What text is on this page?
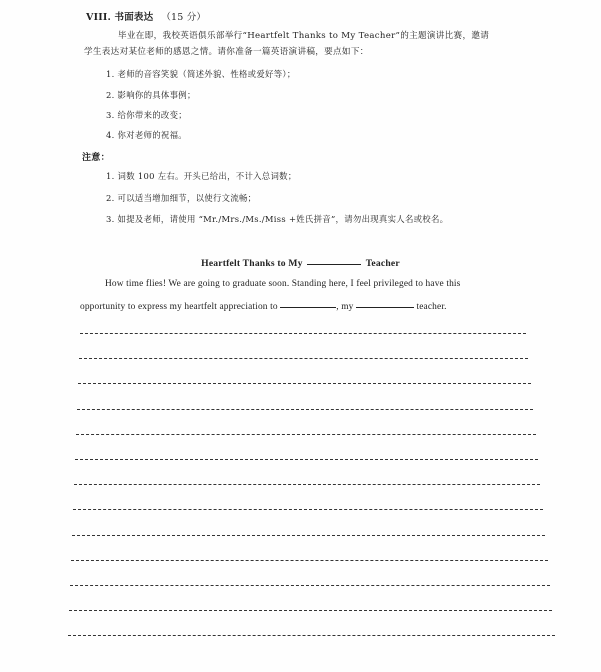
VIII. 书面表达 （15 分）
毕业在即，我校英语俱乐部举行“Heartfelt Thanks to My Teacher”的主题演讲比赛，邀请
学生表达对某位老师的感恩之情。请你准备一篇英语演讲稿，要点如下：
1. 老师的音容笑貌（简述外貌、性格或爱好等）；
2. 影响你的具体事例；
3. 给你带来的改变；
4. 你对老师的祝福。
注意：
1. 词数 100 左右。开头已给出，不计入总词数；
2. 可以适当增加细节，以使行文流畅；
3. 如提及老师，请使用 “Mr./Mrs./Ms./Miss +姓氏拼音”，请勿出现真实人名或校名。
Heartfelt Thanks to My	Teacher
How time flies! We are going to graduate soon. Standing here, I feel privileged to have this
opportunity to express my heartfelt appreciation to	, my	teacher.
